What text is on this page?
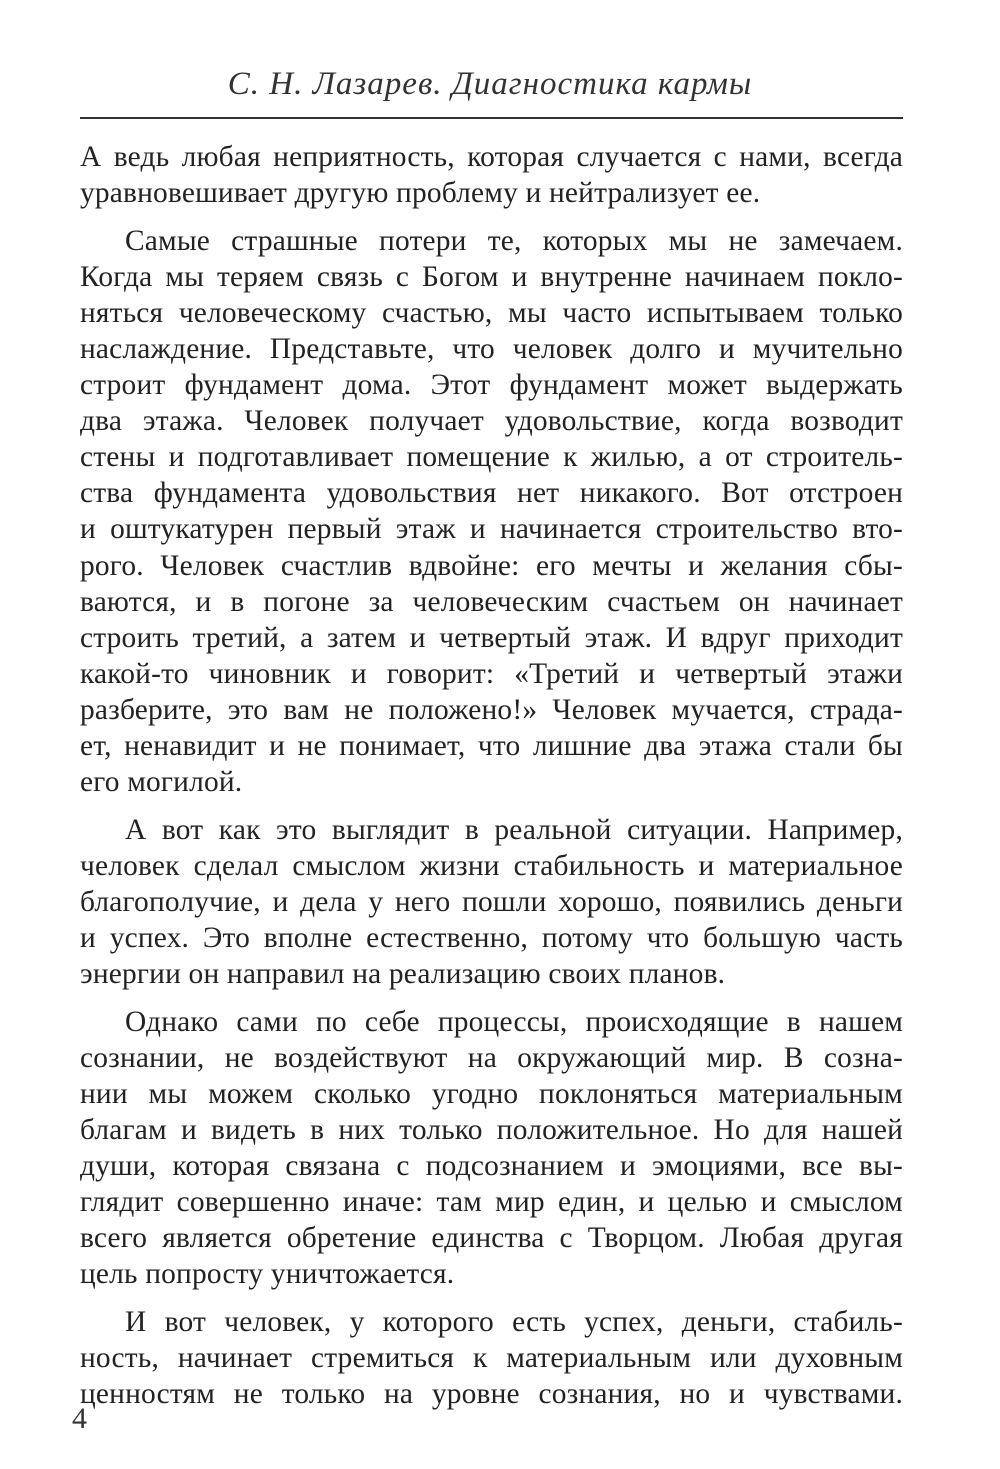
С. Н. Лазарев. Диагностика кармы
А ведь любая неприятность, которая случается с нами, всегда
уравновешивает другую проблему и нейтрализует ее.
Самые страшные потери те, которых мы не замечаем.
Когда мы теряем связь с Богом и внутренне начинаем покло-
няться человеческому счастью, мы часто испытываем только
наслаждение. Представьте, что человек долго и мучительно
строит фундамент дома. Этот фундамент может выдержать
два этажа. Человек получает удовольствие, когда возводит
стены и подготавливает помещение к жилью, а от строитель-
ства фундамента удовольствия нет никакого. Вот отстроен
и оштукатурен первый этаж и начинается строительство вто-
рого. Человек счастлив вдвойне: его мечты и желания сбы-
ваются, и в погоне за человеческим счастьем он начинает
строить третий, а затем и четвертый этаж. И вдруг приходит
какой-то чиновник и говорит: «Третий и четвертый этажи
разберите, это вам не положено!» Человек мучается, страда-
ет, ненавидит и не понимает, что лишние два этажа стали бы
его могилой.
А вот как это выглядит в реальной ситуации. Например,
человек сделал смыслом жизни стабильность и материальное
благополучие, и дела у него пошли хорошо, появились деньги
и успех. Это вполне естественно, потому что большую часть
энергии он направил на реализацию своих планов.
Однако сами по себе процессы, происходящие в нашем
сознании, не воздействуют на окружающий мир. В созна-
нии мы можем сколько угодно поклоняться материальным
благам и видеть в них только положительное. Но для нашей
души, которая связана с подсознанием и эмоциями, все вы-
глядит совершенно иначе: там мир един, и целью и смыслом
всего является обретение единства с Творцом. Любая другая
цель попросту уничтожается.
И вот человек, у которого есть успех, деньги, стабиль-
ность, начинает стремиться к материальным или духовным
ценностям не только на уровне сознания, но и чувствами.
4
